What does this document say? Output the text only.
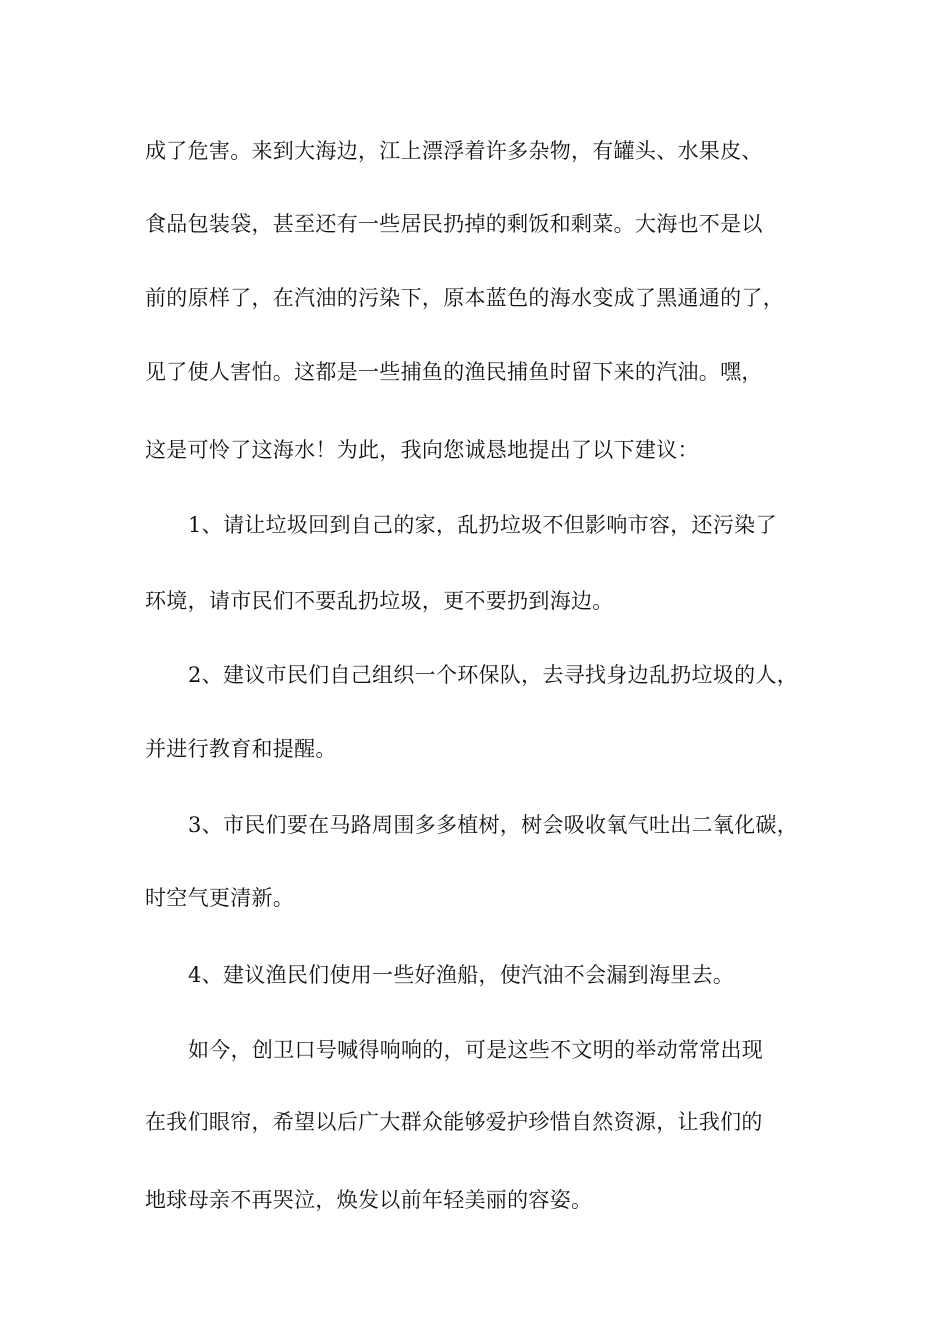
成了危害。来到大海边，江上漂浮着许多杂物，有罐头、水果皮、

食品包装袋，甚至还有一些居民扔掉的剩饭和剩菜。大海也不是以

前的原样了，在汽油的污染下，原本蓝色的海水变成了黑通通的了，

见了使人害怕。这都是一些捕鱼的渔民捕鱼时留下来的汽油。嘿，

这是可怜了这海水！为此，我向您诚恳地提出了以下建议：

1、请让垃圾回到自己的家，乱扔垃圾不但影响市容，还污染了

环境，请市民们不要乱扔垃圾，更不要扔到海边。

2、建议市民们自己组织一个环保队，去寻找身边乱扔垃圾的人，

并进行教育和提醒。

3、市民们要在马路周围多多植树，树会吸收氧气吐出二氧化碳，

时空气更清新。

4、建议渔民们使用一些好渔船，使汽油不会漏到海里去。

如今，创卫口号喊得响响的，可是这些不文明的举动常常出现

在我们眼帘，希望以后广大群众能够爱护珍惜自然资源，让我们的

地球母亲不再哭泣，焕发以前年轻美丽的容姿。
